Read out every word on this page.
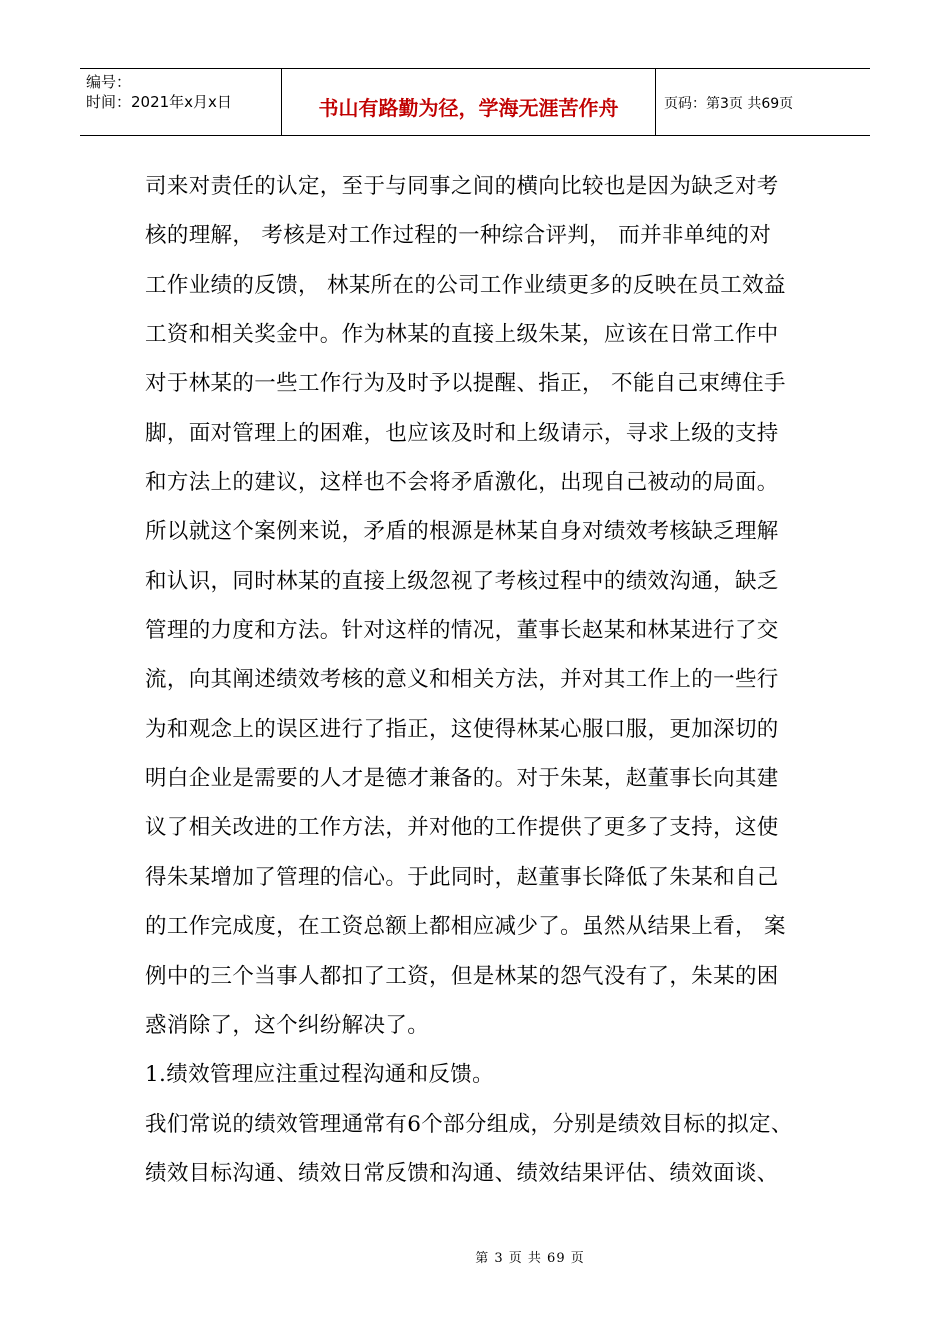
编号：
时间：2021年x月x日	书山有路勤为径，学海无涯苦作舟	页码：第3页 共69页
司来对责任的认定，至于与同事之间的横向比较也是因为缺乏对考
核的理解， 考核是对工作过程的一种综合评判， 而并非单纯的对
工作业绩的反馈， 林某所在的公司工作业绩更多的反映在员工效益
工资和相关奖金中。作为林某的直接上级朱某，应该在日常工作中
对于林某的一些工作行为及时予以提醒、指正， 不能自己束缚住手
脚，面对管理上的困难，也应该及时和上级请示，寻求上级的支持
和方法上的建议，这样也不会将矛盾激化，出现自己被动的局面。
所以就这个案例来说，矛盾的根源是林某自身对绩效考核缺乏理解
和认识，同时林某的直接上级忽视了考核过程中的绩效沟通，缺乏
管理的力度和方法。针对这样的情况，董事长赵某和林某进行了交
流，向其阐述绩效考核的意义和相关方法，并对其工作上的一些行
为和观念上的误区进行了指正，这使得林某心服口服，更加深切的
明白企业是需要的人才是德才兼备的。对于朱某，赵董事长向其建
议了相关改进的工作方法，并对他的工作提供了更多了支持，这使
得朱某增加了管理的信心。于此同时，赵董事长降低了朱某和自己
的工作完成度，在工资总额上都相应减少了。虽然从结果上看， 案
例中的三个当事人都扣了工资，但是林某的怨气没有了，朱某的困
惑消除了，这个纠纷解决了。
1.绩效管理应注重过程沟通和反馈。
我们常说的绩效管理通常有6个部分组成，分别是绩效目标的拟定、
绩效目标沟通、绩效日常反馈和沟通、绩效结果评估、绩效面谈、
第 3 页 共 69 页
